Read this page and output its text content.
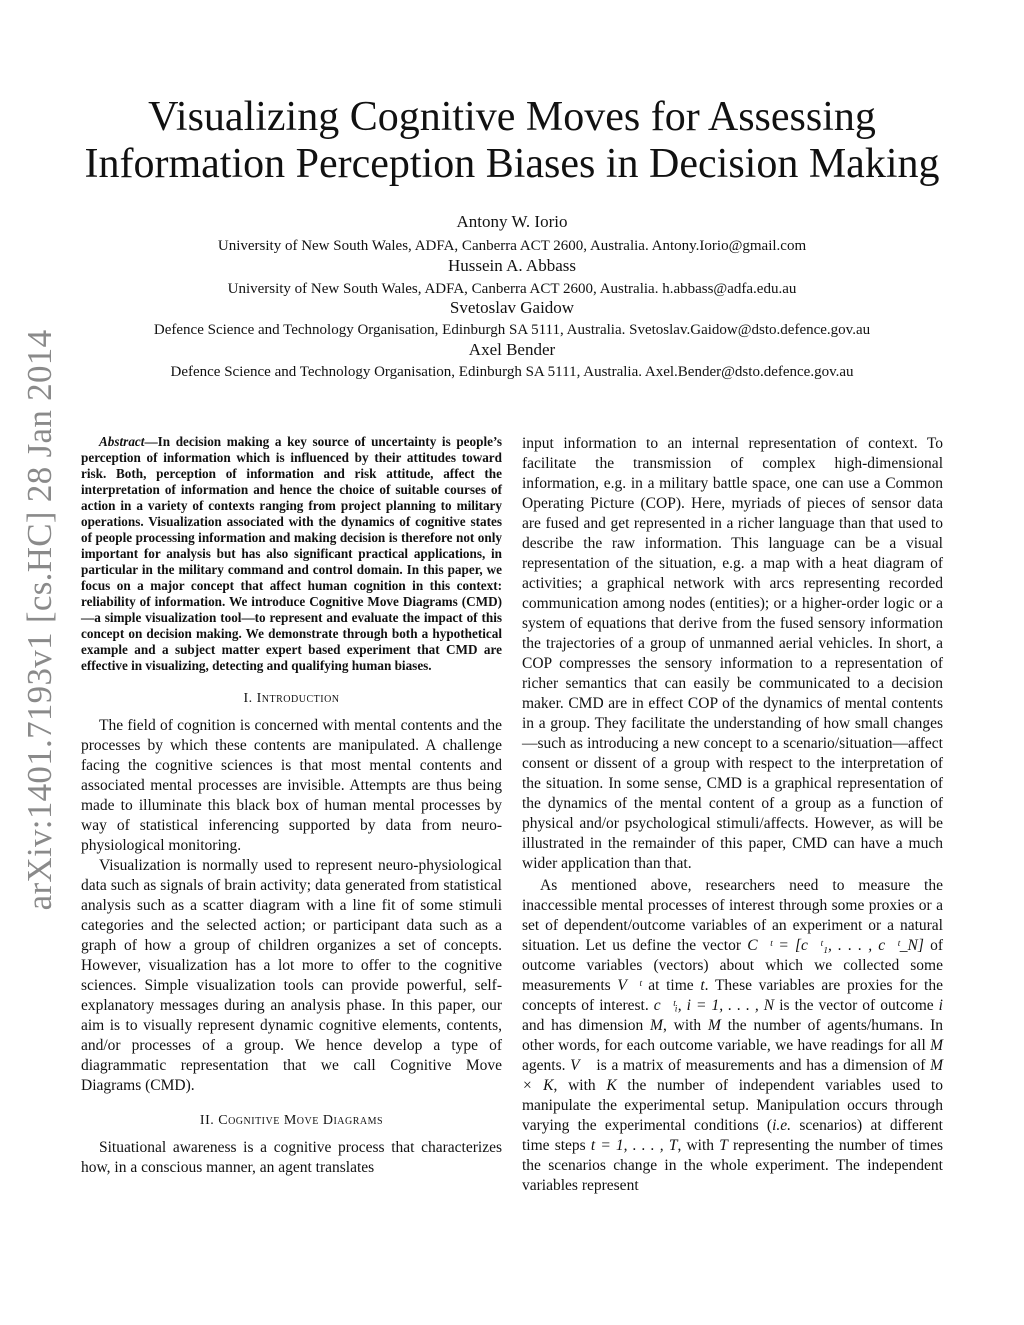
arXiv:1401.7193v1 [cs.HC] 28 Jan 2014
Visualizing Cognitive Moves for Assessing
Information Perception Biases in Decision Making
Antony W. Iorio
University of New South Wales, ADFA, Canberra ACT 2600, Australia. Antony.Iorio@gmail.com
Hussein A. Abbass
University of New South Wales, ADFA, Canberra ACT 2600, Australia. h.abbass@adfa.edu.au
Svetoslav Gaidow
Defence Science and Technology Organisation, Edinburgh SA 5111, Australia. Svetoslav.Gaidow@dsto.defence.gov.au
Axel Bender
Defence Science and Technology Organisation, Edinburgh SA 5111, Australia. Axel.Bender@dsto.defence.gov.au

Abstract—In decision making a key source of uncertainty is people’s perception of information which is influenced by their attitudes toward risk. Both, perception of information and risk attitude, affect the interpretation of information and hence the choice of suitable courses of action in a variety of contexts ranging from project planning to military operations. Visualization associated with the dynamics of cognitive states of people processing information and making decision is therefore not only important for analysis but has also significant practical applications, in particular in the military command and control domain. In this paper, we focus on a major concept that affect human cognition in this context: reliability of information. We introduce Cognitive Move Diagrams (CMD)—a simple visualization tool—to represent and evaluate the impact of this concept on decision making. We demonstrate through both a hypothetical example and a subject matter expert based experiment that CMD are effective in visualizing, detecting and qualifying human biases.

I. Introduction

The field of cognition is concerned with mental contents and the processes by which these contents are manipulated. A challenge facing the cognitive sciences is that most mental contents and associated mental processes are invisible. Attempts are thus being made to illuminate this black box of human mental processes by way of statistical inferencing supported by data from neuro-physiological monitoring.

Visualization is normally used to represent neuro-physiological data such as signals of brain activity; data generated from statistical analysis such as a scatter diagram with a line fit of some stimuli categories and the selected action; or participant data such as a graph of how a group of children organizes a set of concepts. However, visualization has a lot more to offer to the cognitive sciences. Simple visualization tools can provide powerful, self-explanatory messages during an analysis phase. In this paper, our aim is to visually represent dynamic cognitive elements, contents, and/or processes of a group. We hence develop a type of diagrammatic representation that we call Cognitive Move Diagrams (CMD).

II. Cognitive Move Diagrams

Situational awareness is a cognitive process that characterizes how, in a conscious manner, an agent translates

input information to an internal representation of context. To facilitate the transmission of complex high-dimensional information, e.g. in a military battle space, one can use a Common Operating Picture (COP). Here, myriads of pieces of sensor data are fused and get represented in a richer language than that used to describe the raw information. This language can be a visual representation of the situation, e.g. a map with a heat diagram of activities; a graphical network with arcs representing recorded communication among nodes (entities); or a higher-order logic or a system of equations that derive from the fused sensory information the trajectories of a group of unmanned aerial vehicles. In short, a COP compresses the sensory information to a representation of richer semantics that can easily be communicated to a decision maker. CMD are in effect COP of the dynamics of mental contents in a group. They facilitate the understanding of how small changes—such as introducing a new concept to a scenario/situation—affect consent or dissent of a group with respect to the interpretation of the situation. In some sense, CMD is a graphical representation of the dynamics of the mental content of a group as a function of physical and/or psychological stimuli/affects. However, as will be illustrated in the remainder of this paper, CMD can have a much wider application than that.

As mentioned above, researchers need to measure the inaccessible mental processes of interest through some proxies or a set of dependent/outcome variables of an experiment or a natural situation. Let us define the vector C⃗ᵗ = [c⃗ᵗ₁, . . . , c⃗ᵗ_N] of outcome variables (vectors) about which we collected some measurements V⃗ᵗ at time t. These variables are proxies for the concepts of interest. c⃗ᵗᵢ, i = 1, . . . , N is the vector of outcome i and has dimension M, with M the number of agents/humans. In other words, for each outcome variable, we have readings for all M agents. V⃗ is a matrix of measurements and has a dimension of M × K, with K the number of independent variables used to manipulate the experimental setup. Manipulation occurs through varying the experimental conditions (i.e. scenarios) at different time steps t = 1, . . . , T, with T representing the number of times the scenarios change in the whole experiment. The independent variables represent
